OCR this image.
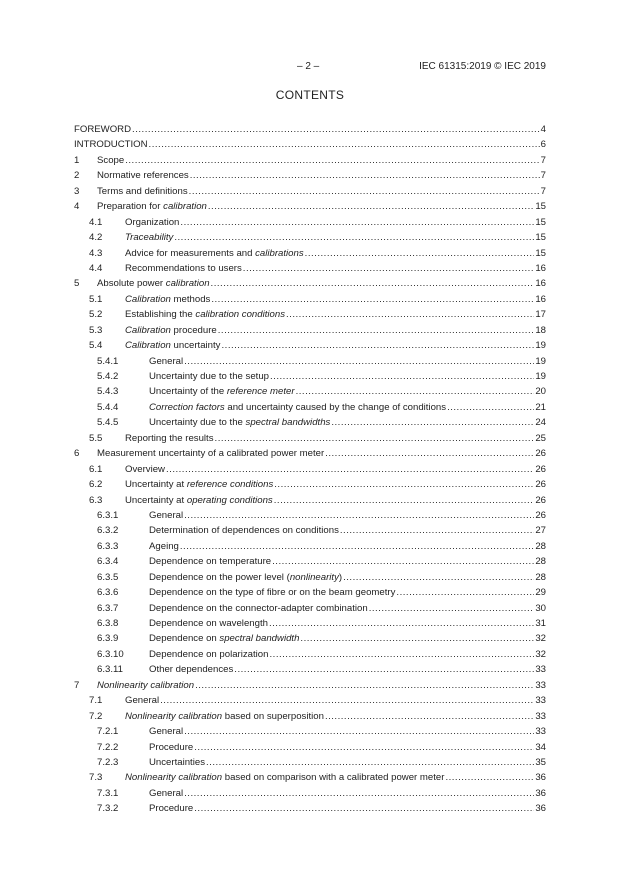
– 2 –	IEC 61315:2019 © IEC 2019
CONTENTS
FOREWORD .....	4
INTRODUCTION .....	6
1 Scope .....	7
2 Normative references .....	7
3 Terms and definitions .....	7
4 Preparation for calibration .....	15
4.1 Organization .....	15
4.2 Traceability .....	15
4.3 Advice for measurements and calibrations .....	15
4.4 Recommendations to users .....	16
5 Absolute power calibration .....	16
5.1 Calibration methods .....	16
5.2 Establishing the calibration conditions .....	17
5.3 Calibration procedure .....	18
5.4 Calibration uncertainty .....	19
5.4.1	General .....	19
5.4.2	Uncertainty due to the setup .....	19
5.4.3	Uncertainty of the reference meter .....	20
5.4.4	Correction factors and uncertainty caused by the change of conditions .....	21
5.4.5	Uncertainty due to the spectral bandwidths .....	24
5.5 Reporting the results .....	25
6 Measurement uncertainty of a calibrated power meter .....	26
6.1 Overview .....	26
6.2 Uncertainty at reference conditions .....	26
6.3 Uncertainty at operating conditions .....	26
6.3.1	General .....	26
6.3.2	Determination of dependences on conditions .....	27
6.3.3	Ageing .....	28
6.3.4	Dependence on temperature .....	28
6.3.5	Dependence on the power level (nonlinearity) .....	28
6.3.6	Dependence on the type of fibre or on the beam geometry .....	29
6.3.7	Dependence on the connector-adapter combination .....	30
6.3.8	Dependence on wavelength .....	31
6.3.9	Dependence on spectral bandwidth .....	32
6.3.10	Dependence on polarization .....	32
6.3.11	Other dependences .....	33
7 Nonlinearity calibration .....	33
7.1 General .....	33
7.2 Nonlinearity calibration based on superposition .....	33
7.2.1	General .....	33
7.2.2	Procedure .....	34
7.2.3	Uncertainties .....	35
7.3 Nonlinearity calibration based on comparison with a calibrated power meter .....	36
7.3.1	General .....	36
7.3.2	Procedure .....	36
